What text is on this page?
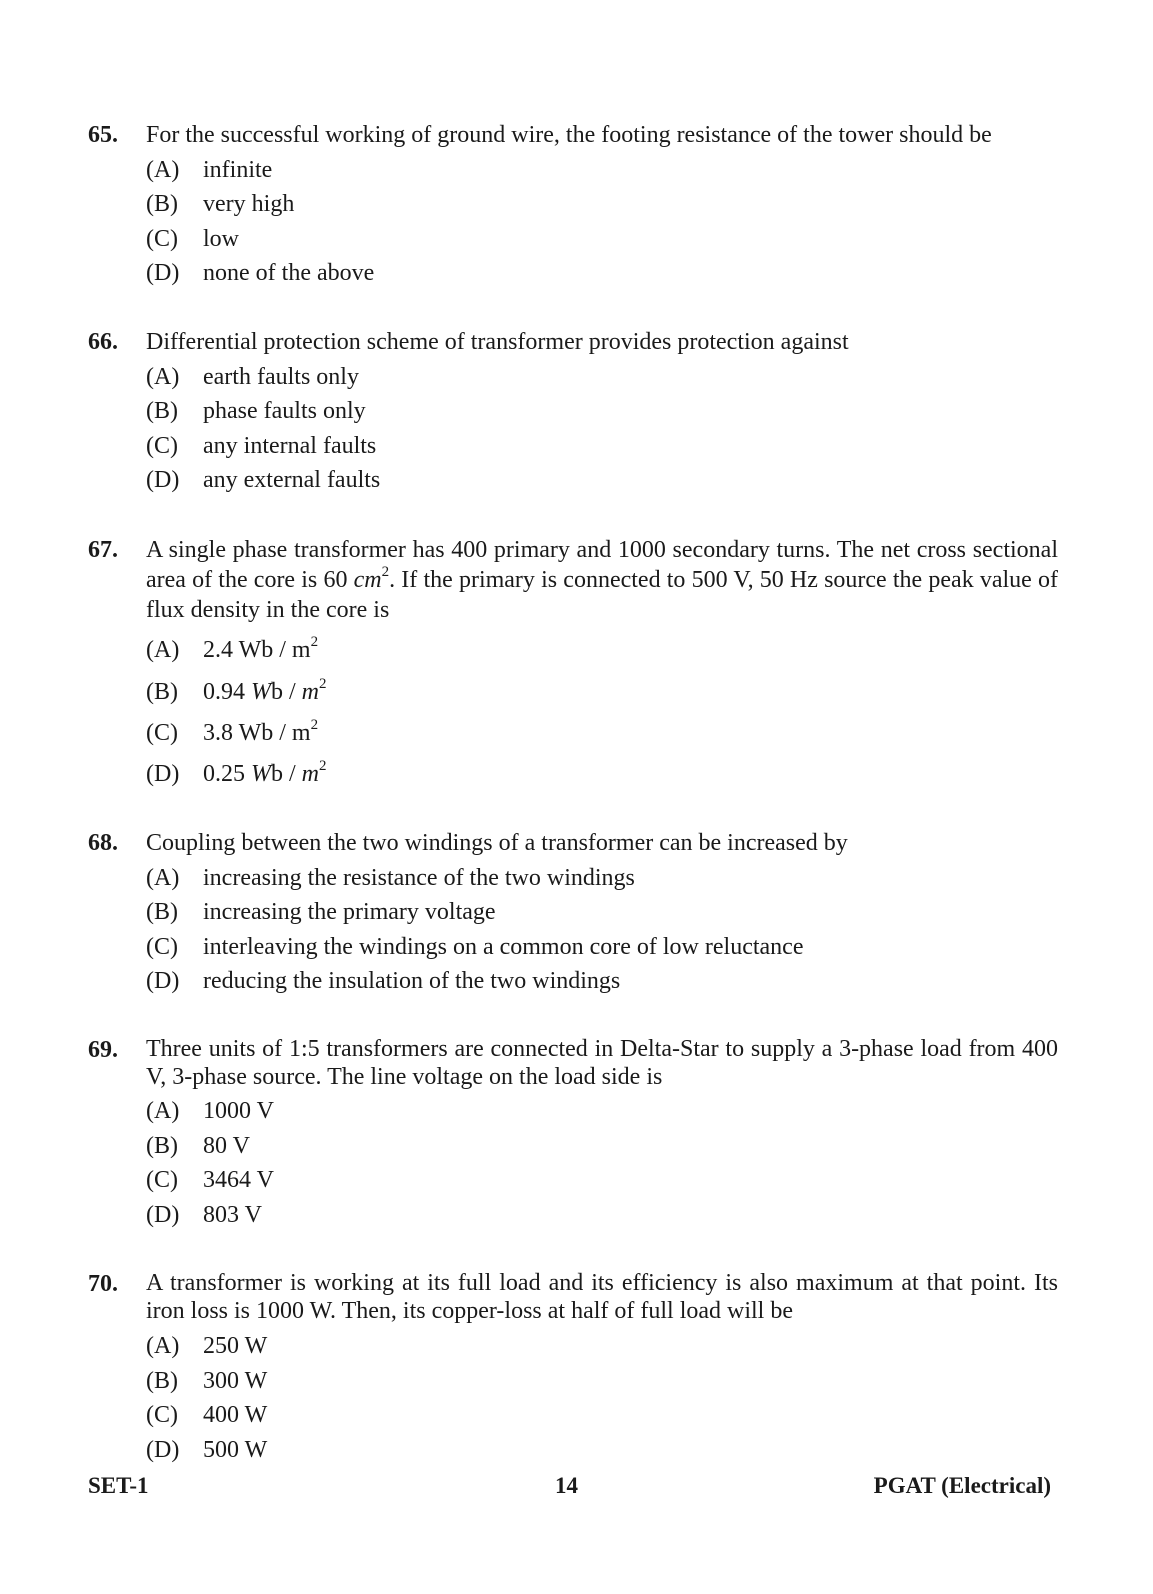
65. For the successful working of ground wire, the footing resistance of the tower should be
(A) infinite
(B) very high
(C) low
(D) none of the above
66. Differential protection scheme of transformer provides protection against
(A) earth faults only
(B) phase faults only
(C) any internal faults
(D) any external faults
67. A single phase transformer has 400 primary and 1000 secondary turns. The net cross sectional area of the core is 60 $cm^2$. If the primary is connected to 500 V, 50 Hz source the peak value of flux density in the core is
(A) 2.4 Wb / $m^2$
(B) 0.94 Wb / $m^2$
(C) 3.8 Wb / $m^2$
(D) 0.25 Wb / $m^2$
68. Coupling between the two windings of a transformer can be increased by
(A) increasing the resistance of the two windings
(B) increasing the primary voltage
(C) interleaving the windings on a common core of low reluctance
(D) reducing the insulation of the two windings
69. Three units of 1:5 transformers are connected in Delta-Star to supply a 3-phase load from 400 V, 3-phase source. The line voltage on the load side is
(A) 1000 V
(B) 80 V
(C) 3464 V
(D) 803 V
70. A transformer is working at its full load and its efficiency is also maximum at that point. Its iron loss is 1000 W. Then, its copper-loss at half of full load will be
(A) 250 W
(B) 300 W
(C) 400 W
(D) 500 W
SET-1	14	PGAT (Electrical)
